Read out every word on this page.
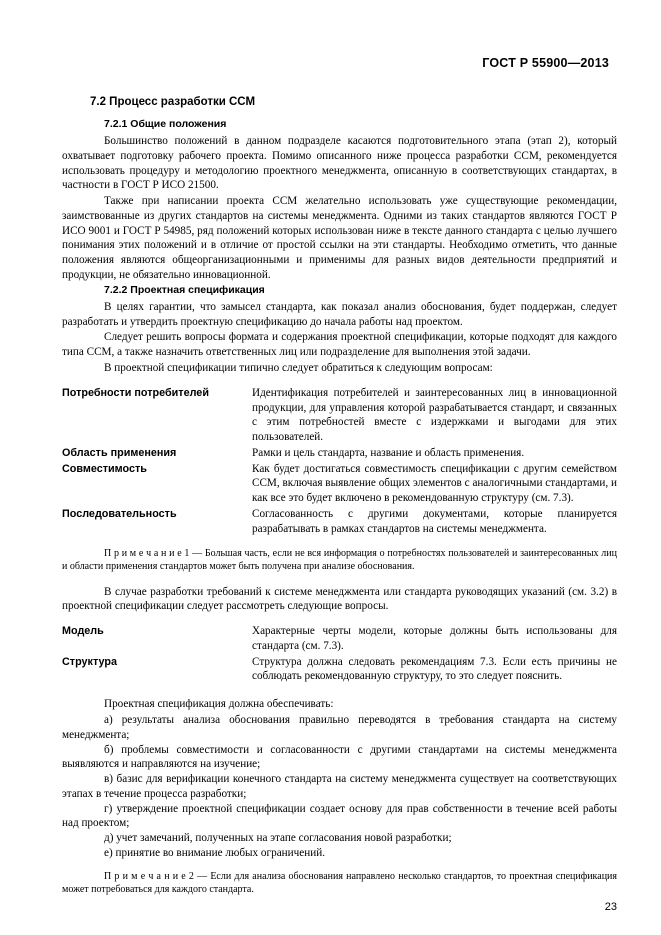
ГОСТ Р 55900—2013
7.2 Процесс разработки ССМ
7.2.1 Общие положения

Большинство положений в данном подразделе касаются подготовительного этапа (этап 2), который охватывает подготовку рабочего проекта. Помимо описанного ниже процесса разработки ССМ, рекомендуется использовать процедуру и методологию проектного менеджмента, описанную в соответствующих стандартах, в частности в ГОСТ Р ИСО 21500.

Также при написании проекта ССМ желательно использовать уже существующие рекомендации, заимствованные из других стандартов на системы менеджмента. Одними из таких стандартов являются ГОСТ Р ИСО 9001 и ГОСТ Р 54985, ряд положений которых использован ниже в тексте данного стандарта с целью лучшего понимания этих положений и в отличие от простой ссылки на эти стандарты. Необходимо отметить, что данные положения являются общеорганизационными и применимы для разных видов деятельности предприятий и продукции, не обязательно инновационной.

7.2.2 Проектная спецификация

В целях гарантии, что замысел стандарта, как показал анализ обоснования, будет поддержан, следует разработать и утвердить проектную спецификацию до начала работы над проектом.

Следует решить вопросы формата и содержания проектной спецификации, которые подходят для каждого типа ССМ, а также назначить ответственных лиц или подразделение для выполнения этой задачи.

В проектной спецификации типично следует обратиться к следующим вопросам:

Потребности потребителей	Идентификация потребителей и заинтересованных лиц в инновационной продукции, для управления которой разрабатывается стандарт, и связанных с этим потребностей вместе с издержками и выгодами для этих пользователей.
Область применения	Рамки и цель стандарта, название и область применения.
Совместимость	Как будет достигаться совместимость спецификации с другим семейством ССМ, включая выявление общих элементов с аналогичными стандартами, и как все это будет включено в рекомендованную структуру (см. 7.3).
Последовательность	Согласованность с другими документами, которые планируется разрабатывать в рамках стандартов на системы менеджмента.

П р и м е ч а н и е 1 — Большая часть, если не вся информация о потребностях пользователей и заинтересованных лиц и области применения стандартов может быть получена при анализе обоснования.

В случае разработки требований к системе менеджмента или стандарта руководящих указаний (см. 3.2) в проектной спецификации следует рассмотреть следующие вопросы.

Модель	Характерные черты модели, которые должны быть использованы для стандарта (см. 7.3).
Структура	Структура должна следовать рекомендациям 7.3. Если есть причины не соблюдать рекомендованную структуру, то это следует пояснить.

Проектная спецификация должна обеспечивать:

а) результаты анализа обоснования правильно переводятся в требования стандарта на систему менеджмента;

б) проблемы совместимости и согласованности с другими стандартами на системы менеджмента выявляются и направляются на изучение;

в) базис для верификации конечного стандарта на систему менеджмента существует на соответствующих этапах в течение процесса разработки;

г) утверждение проектной спецификации создает основу для прав собственности в течение всей работы над проектом;

д) учет замечаний, полученных на этапе согласования новой разработки;

е) принятие во внимание любых ограничений.

П р и м е ч а н и е 2 — Если для анализа обоснования направлено несколько стандартов, то проектная спецификация может потребоваться для каждого стандарта.

23
